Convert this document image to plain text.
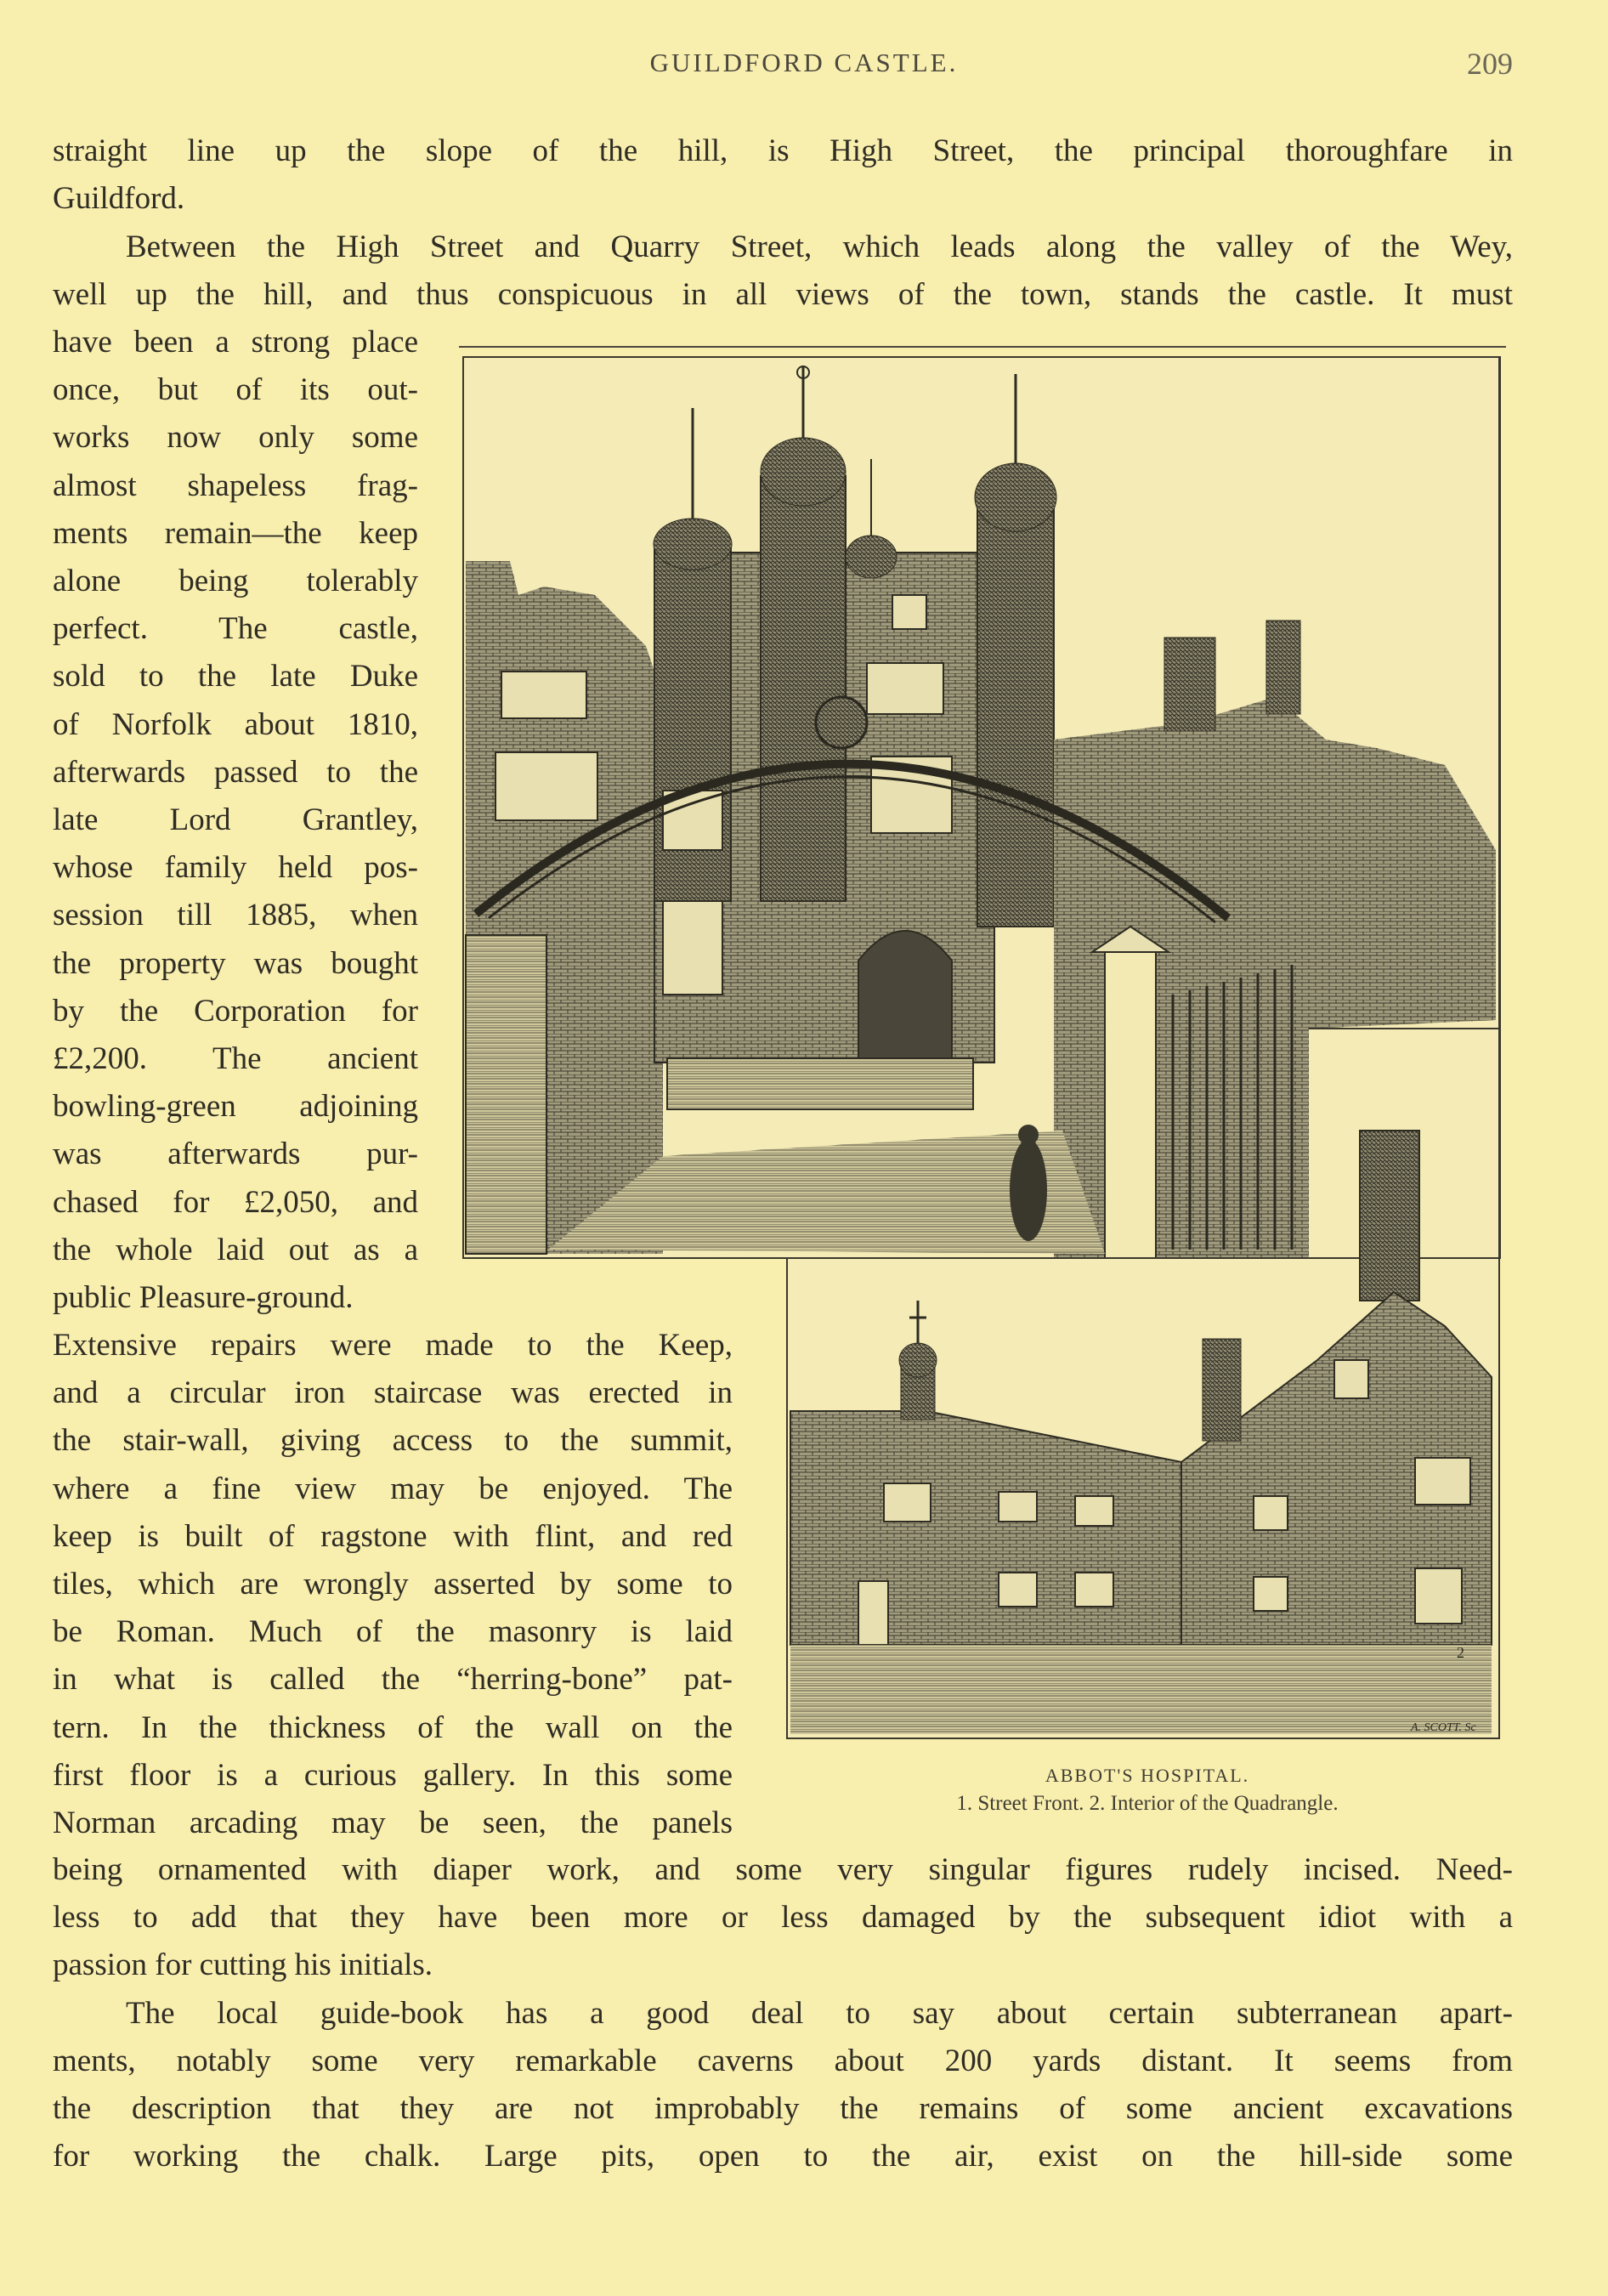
GUILDFORD CASTLE.	209
straight line up the slope of the hill, is High Street, the principal thoroughfare in
Guildford.
Between the High Street and Quarry Street, which leads along the valley of the Wey,
well up the hill, and thus conspicuous in all views of the town, stands the castle. It must
have been a strong place
once, but of its out-
works now only some
almost shapeless frag-
ments remain—the keep
alone being tolerably
perfect. The castle,
sold to the late Duke
of Norfolk about 1810,
afterwards passed to the
late Lord Grantley,
whose family held pos-
session till 1885, when
the property was bought
by the Corporation for
£2,200. The ancient
bowling-green adjoining
was afterwards pur-
chased for £2,050, and
the whole laid out as a
public Pleasure-ground.
Extensive repairs were made to the Keep,
and a circular iron staircase was erected in
the stair-wall, giving access to the summit,
where a fine view may be enjoyed. The
keep is built of ragstone with flint, and red
tiles, which are wrongly asserted by some to
be Roman. Much of the masonry is laid
in what is called the “herring-bone” pat-
tern. In the thickness of the wall on the
first floor is a curious gallery. In this some
Norman arcading may be seen, the panels
being ornamented with diaper work, and some very singular figures rudely incised. Need-
less to add that they have been more or less damaged by the subsequent idiot with a
passion for cutting his initials.
The local guide-book has a good deal to say about certain subterranean apart-
ments, notably some very remarkable caverns about 200 yards distant. It seems from
the description that they are not improbably the remains of some ancient excavations
for working the chalk. Large pits, open to the air, exist on the hill-side some
A. SCOTT. Sc
2
ABBOT'S HOSPITAL.
1. Street Front. 2. Interior of the Quadrangle.
